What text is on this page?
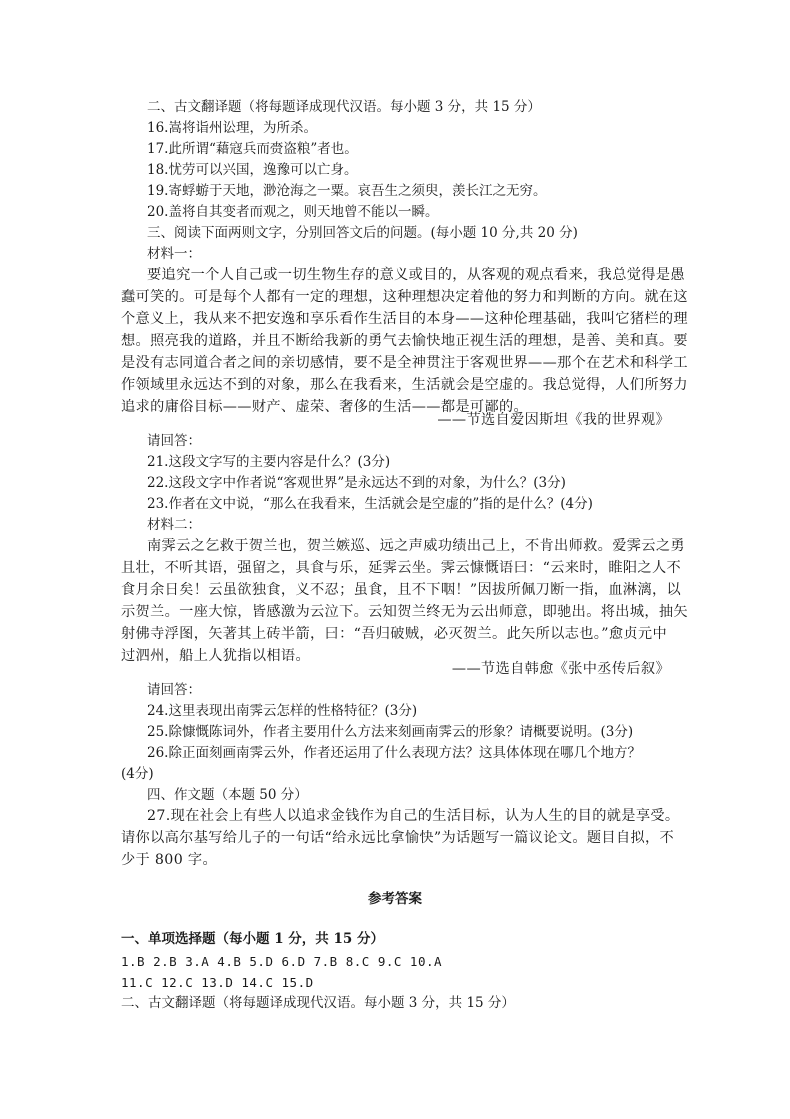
二、古文翻译题（将每题译成现代汉语。每小题 3 分，共 15 分）
16.嵩将诣州讼理，为所杀。
17.此所谓“藉寇兵而赍盗粮”者也。
18.忧劳可以兴国，逸豫可以亡身。
19.寄蜉蝣于天地，渺沧海之一粟。哀吾生之须臾，羡长江之无穷。
20.盖将自其变者而观之，则天地曾不能以一瞬。
三、阅读下面两则文字，分别回答文后的问题。(每小题 10 分,共 20 分)
材料一：
要追究一个人自己或一切生物生存的意义或目的，从客观的观点看来，我总觉得是愚
蠢可笑的。可是每个人都有一定的理想，这种理想决定着他的努力和判断的方向。就在这
个意义上，我从来不把安逸和享乐看作生活目的本身——这种伦理基础，我叫它猪栏的理
想。照亮我的道路，并且不断给我新的勇气去愉快地正视生活的理想，是善、美和真。要
是没有志同道合者之间的亲切感情，要不是全神贯注于客观世界——那个在艺术和科学工
作领域里永远达不到的对象，那么在我看来，生活就会是空虚的。我总觉得，人们所努力
追求的庸俗目标——财产、虚荣、奢侈的生活——都是可鄙的。
——节选自爱因斯坦《我的世界观》
请回答：
21.这段文字写的主要内容是什么？(3分)
22.这段文字中作者说“客观世界”是永远达不到的对象，为什么？(3分)
23.作者在文中说，“那么在我看来，生活就会是空虚的”指的是什么？(4分)
材料二：
南霁云之乞救于贺兰也，贺兰嫉巡、远之声威功绩出己上，不肯出师救。爱霁云之勇
且壮，不听其语，强留之，具食与乐，延霁云坐。霁云慷慨语曰：“云来时，睢阳之人不
食月余日矣！云虽欲独食，义不忍；虽食，且不下咽！”因拔所佩刀断一指，血淋漓，以
示贺兰。一座大惊，皆感激为云泣下。云知贺兰终无为云出师意，即驰出。将出城，抽矢
射佛寺浮图，矢著其上砖半箭，曰：“吾归破贼，必灭贺兰。此矢所以志也。”愈贞元中
过泗州，船上人犹指以相语。
——节选自韩愈《张中丞传后叙》
请回答：
24.这里表现出南霁云怎样的性格特征？(3分)
25.除慷慨陈词外，作者主要用什么方法来刻画南霁云的形象？请概要说明。(3分)
26.除正面刻画南霁云外，作者还运用了什么表现方法？这具体体现在哪几个地方？
(4分)
四、作文题（本题 50 分）
27.现在社会上有些人以追求金钱作为自己的生活目标，认为人生的目的就是享受。
请你以高尔基写给儿子的一句话“给永远比拿愉快”为话题写一篇议论文。题目自拟，不
少于 800 字。
参考答案
一、单项选择题（每小题 1 分，共 15 分）
1.B 2.B 3.A 4.B 5.D 6.D 7.B 8.C 9.C 10.A
11.C 12.C 13.D 14.C 15.D
二、古文翻译题（将每题译成现代汉语。每小题 3 分，共 15 分）
